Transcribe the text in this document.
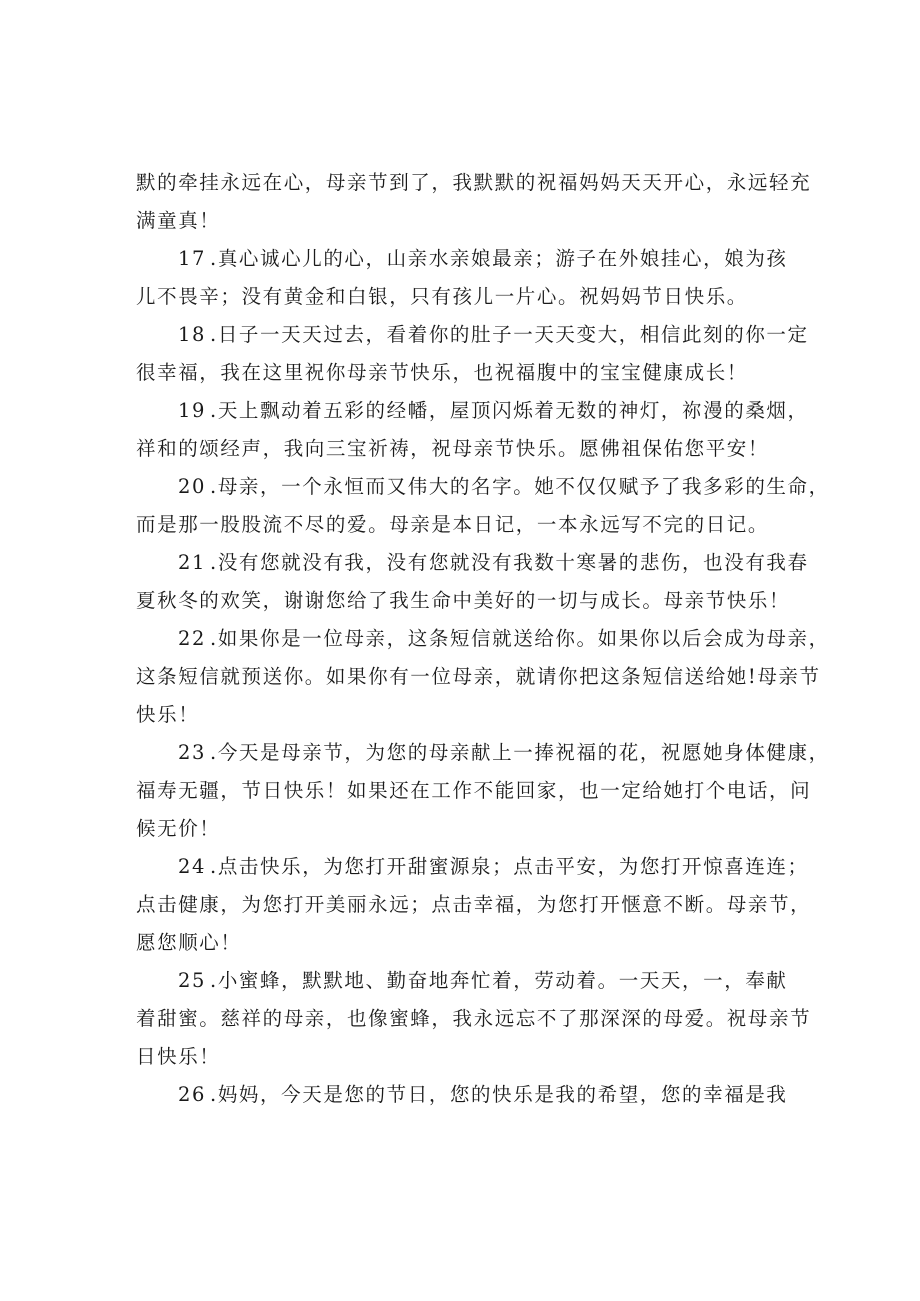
默的牵挂永远在心，母亲节到了，我默默的祝福妈妈天天开心，永远轻充
满童真！
17 .真心诚心儿的心，山亲水亲娘最亲；游子在外娘挂心，娘为孩
儿不畏辛；没有黄金和白银，只有孩儿一片心。祝妈妈节日快乐。
18 .日子一天天过去，看着你的肚子一天天变大，相信此刻的你一定
很幸福，我在这里祝你母亲节快乐，也祝福腹中的宝宝健康成长！
19 .天上飘动着五彩的经幡，屋顶闪烁着无数的神灯，祢漫的桑烟，
祥和的颂经声，我向三宝祈祷，祝母亲节快乐。愿佛祖保佑您平安！
20 .母亲，一个永恒而又伟大的名字。她不仅仅赋予了我多彩的生命，
而是那一股股流不尽的爱。母亲是本日记，一本永远写不完的日记。
21 .没有您就没有我，没有您就没有我数十寒暑的悲伤，也没有我春
夏秋冬的欢笑，谢谢您给了我生命中美好的一切与成长。母亲节快乐！
22 .如果你是一位母亲，这条短信就送给你。如果你以后会成为母亲，
这条短信就预送你。如果你有一位母亲，就请你把这条短信送给她!母亲节
快乐！
23 .今天是母亲节，为您的母亲献上一捧祝福的花，祝愿她身体健康，
福寿无疆，节日快乐！如果还在工作不能回家，也一定给她打个电话，问
候无价！
24 .点击快乐，为您打开甜蜜源泉；点击平安，为您打开惊喜连连；
点击健康，为您打开美丽永远；点击幸福，为您打开惬意不断。母亲节，
愿您顺心！
25 .小蜜蜂，默默地、勤奋地奔忙着，劳动着。一天天，一，奉献
着甜蜜。慈祥的母亲，也像蜜蜂，我永远忘不了那深深的母爱。祝母亲节
日快乐！
26 .妈妈，今天是您的节日，您的快乐是我的希望，您的幸福是我
